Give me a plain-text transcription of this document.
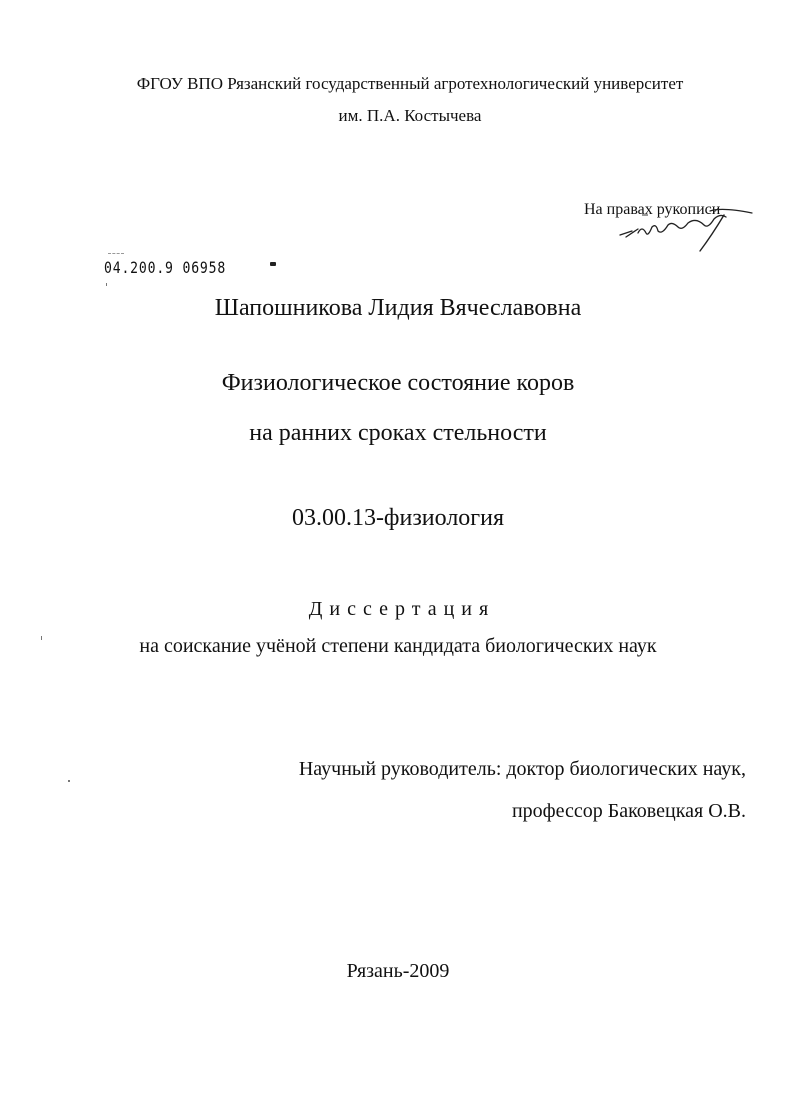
ФГОУ ВПО Рязанский государственный агротехнологический университет
им. П.А. Костычева
На правах рукописи
04.200.9 06958
Шапошникова Лидия Вячеславовна
Физиологическое состояние коров
на ранних сроках стельности
03.00.13-физиология
Диссертация
на соискание учёной степени кандидата биологических наук
Научный руководитель: доктор биологических наук,
профессор Баковецкая О.В.
Рязань-2009
